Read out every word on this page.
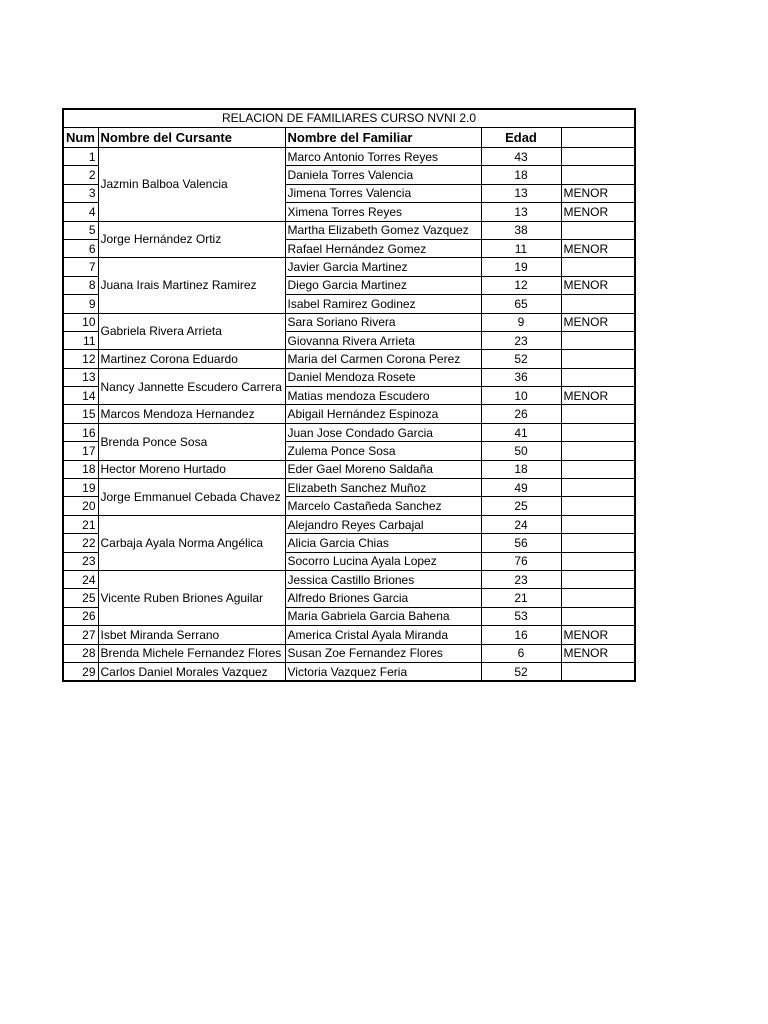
RELACION DE FAMILIARES CURSO NVNI 2.0
Num	Nombre del Cursante	Nombre del Familiar	Edad	
1	Jazmin Balboa Valencia	Marco Antonio Torres Reyes	43	
2		Daniela Torres Valencia	18	
3		Jimena Torres Valencia	13	MENOR
4		Ximena Torres Reyes	13	MENOR
5	Jorge Hernández Ortiz	Martha Elizabeth Gomez Vazquez	38	
6		Rafael Hernández Gomez	11	MENOR
7	Juana Irais Martinez Ramirez	Javier Garcia Martinez	19	
8		Diego Garcia Martinez	12	MENOR
9		Isabel Ramirez Godinez	65	
10	Gabriela Rivera Arrieta	Sara Soriano Rivera	9	MENOR
11		Giovanna Rivera Arrieta	23	
12	Martinez Corona Eduardo	Maria del Carmen Corona Perez	52	
13	Nancy Jannette Escudero Carrera	Daniel Mendoza Rosete	36	
14		Matias mendoza Escudero	10	MENOR
15	Marcos Mendoza Hernandez	Abigail Hernández Espinoza	26	
16	Brenda Ponce Sosa	Juan Jose Condado Garcia	41	
17		Zulema Ponce Sosa	50	
18	Hector Moreno Hurtado	Eder Gael Moreno Saldaña	18	
19	Jorge Emmanuel Cebada Chavez	Elizabeth Sanchez Muñoz	49	
20		Marcelo Castañeda Sanchez	25	
21	Carbaja Ayala Norma Angélica	Alejandro Reyes Carbajal	24	
22		Alicia Garcia Chias	56	
23		Socorro Lucina Ayala Lopez	76	
24	Vicente Ruben Briones Aguilar	Jessica Castillo Briones	23	
25		Alfredo Briones Garcia	21	
26		Maria Gabriela Garcia Bahena	53	
27	Isbet Miranda Serrano	America Cristal Ayala Miranda	16	MENOR
28	Brenda Michele Fernandez Flores	Susan Zoe Fernandez Flores	6	MENOR
29	Carlos Daniel Morales Vazquez	Victoria Vazquez Feria	52	
